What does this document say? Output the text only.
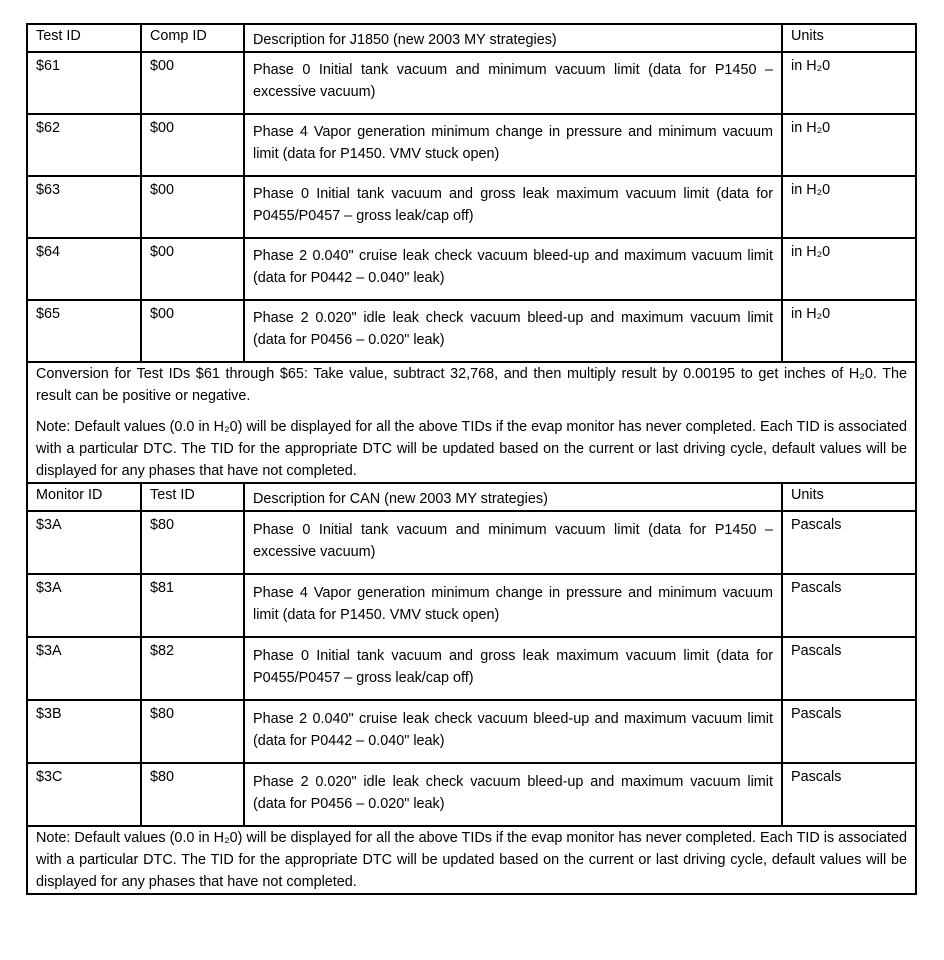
Test ID	Comp ID	Description for J1850 (new 2003 MY strategies)	Units
$61	$00	Phase 0 Initial tank vacuum and minimum vacuum limit (data for P1450 – excessive vacuum)	in H₂0
$62	$00	Phase 4 Vapor generation minimum change in pressure and minimum vacuum limit (data for P1450. VMV stuck open)	in H₂0
$63	$00	Phase 0 Initial tank vacuum and gross leak maximum vacuum limit (data for P0455/P0457 – gross leak/cap off)	in H₂0
$64	$00	Phase 2 0.040" cruise leak check vacuum bleed-up and maximum vacuum limit (data for P0442 – 0.040" leak)	in H₂0
$65	$00	Phase 2 0.020" idle leak check vacuum bleed-up and maximum vacuum limit (data for P0456 – 0.020" leak)	in H₂0

Conversion for Test IDs $61 through $65: Take value, subtract 32,768, and then multiply result by 0.00195 to get inches of H₂0. The result can be positive or negative.

Note: Default values (0.0 in H₂0) will be displayed for all the above TIDs if the evap monitor has never completed. Each TID is associated with a particular DTC. The TID for the appropriate DTC will be updated based on the current or last driving cycle, default values will be displayed for any phases that have not completed.			

Monitor ID	Test ID	Description for CAN (new 2003 MY strategies)	Units
$3A	$80	Phase 0 Initial tank vacuum and minimum vacuum limit (data for P1450 – excessive vacuum)	Pascals
$3A	$81	Phase 4 Vapor generation minimum change in pressure and minimum vacuum limit (data for P1450. VMV stuck open)	Pascals
$3A	$82	Phase 0 Initial tank vacuum and gross leak maximum vacuum limit (data for P0455/P0457 – gross leak/cap off)	Pascals
$3B	$80	Phase 2 0.040" cruise leak check vacuum bleed-up and maximum vacuum limit (data for P0442 – 0.040" leak)	Pascals
$3C	$80	Phase 2 0.020" idle leak check vacuum bleed-up and maximum vacuum limit (data for P0456 – 0.020" leak)	Pascals

Note: Default values (0.0 in H₂0) will be displayed for all the above TIDs if the evap monitor has never completed. Each TID is associated with a particular DTC. The TID for the appropriate DTC will be updated based on the current or last driving cycle, default values will be displayed for any phases that have not completed.			
